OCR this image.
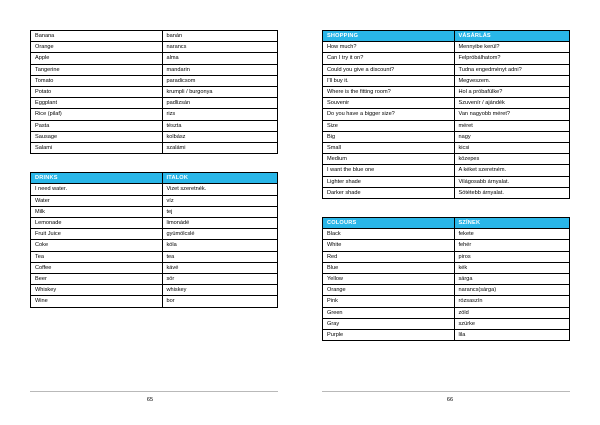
Banana	banán
Orange	narancs
Apple	alma
Tangerine	mandarin
Tomato	paradicsom
Potato	krumpli / burgonya
Eggplant	padlizsán
Rice (pilaf)	rizs
Pasta	tészta
Sausage	kolbász
Salami	szalámi
DRINKS	ITALOK
I need water.	Vizet szeretnék.
Water	víz
Milk	tej
Lemonade	limonádé
Fruit Juice	gyümölcslé
Coke	kóla
Tea	tea
Coffee	kávé
Beer	sör
Whiskey	whiskey
Wine	bor
65
SHOPPING	VÁSÁRLÁS
How much?	Mennyibe kerül?
Can I try it on?	Felpróbálhatom?
Could you give a discount?	Tudna engedményt adni?
I'll buy it.	Megveszem.
Where is the fitting room?	Hol a próbafülke?
Souvenir	Szuvenír / ajándék
Do you have a bigger size?	Van nagyobb méret?
Size	méret
Big	nagy
Small	kicsi
Medium	közepes
I want the blue one	A kéket szeretném.
Lighter shade	Világosabb árnyalat.
Darker shade	Sötétebb árnyalat.
COLOURS	SZÍNEK
Black	fekete
White	fehér
Red	piros
Blue	kék
Yellow	sárga
Orange	narancs(sárga)
Pink	rózsaszín
Green	zöld
Gray	szürke
Purple	lila
66
